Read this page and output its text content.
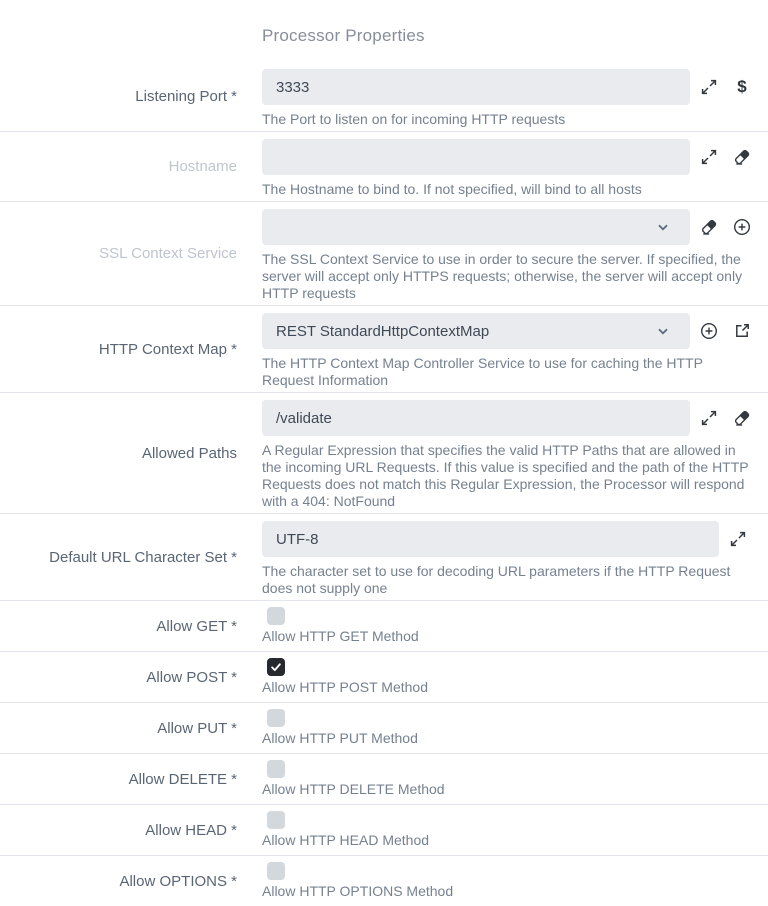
Processor Properties
Listening Port *
3333	$
The Port to listen on for incoming HTTP requests
Hostname
The Hostname to bind to. If not specified, will bind to all hosts
SSL Context Service The SSL Context Service to use in order to secure the server. If specified, the server will accept only HTTPS requests; otherwise, the server will accept only HTTP requests
HTTP Context Map *
REST StandardHttpContextMap
The HTTP Context Map Controller Service to use for caching the HTTP Request Information
Allowed Paths
/validate
A Regular Expression that specifies the valid HTTP Paths that are allowed in the incoming URL Requests. If this value is specified and the path of the HTTP Requests does not match this Regular Expression, the Processor will respond with a 404: NotFound
Default URL Character Set *
UTF-8
The character set to use for decoding URL parameters if the HTTP Request does not supply one
Allow GET *
Allow HTTP GET Method
Allow POST *
Allow HTTP POST Method
Allow PUT *
Allow HTTP PUT Method
Allow DELETE *
Allow HTTP DELETE Method
Allow HEAD *
Allow HTTP HEAD Method
Allow OPTIONS *
Allow HTTP OPTIONS Method
